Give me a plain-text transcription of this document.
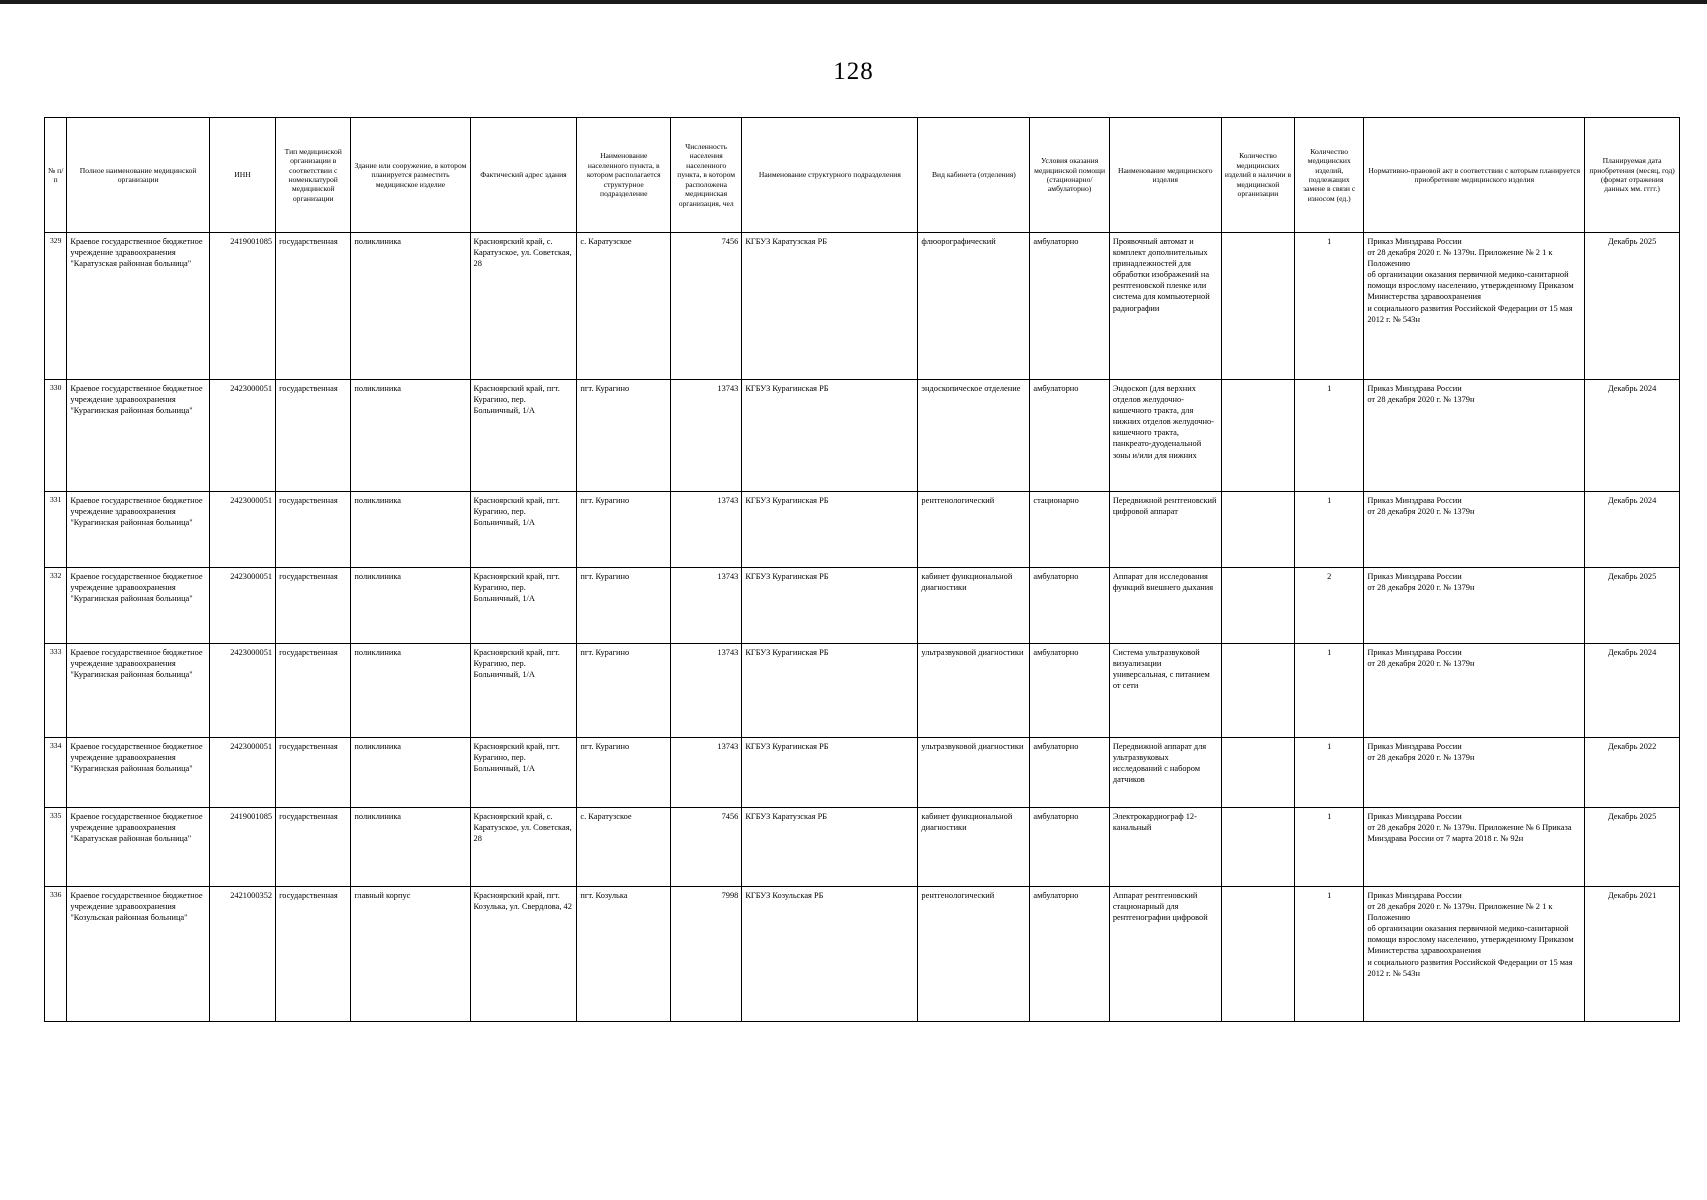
128
№ п/п	Полное наименование медицинской организации	ИНН	Тип медицинской организации в соответствии с номенклатурой медицинской организации	Здание или сооружение, в котором планируется разместить медицинское изделие	Фактический адрес здания	Наименование населенного пункта, в котором располагается структурное подразделение	Численность населения населенного пункта, в котором расположена медицинская организация, чел	Наименование структурного подразделения	Вид кабинета (отделения)	Условия оказания медицинской помощи (стационарно/ амбулаторно)	Наименование медицинского изделия	Количество медицинских изделий в наличии в медицинской организации	Количество медицинских изделий, подлежащих замене в связи с износом (ед.)	Нормативно-правовой акт в соответствии с которым планируется приобретение медицинского изделия	Планируемая дата приобретения (месяц, год) (формат отражения данных мм. гггг.)
329	Краевое государственное бюджетное учреждение здравоохранения "Каратузская районная больница"	2419001085	государственная	поликлиника	Красноярский край, с. Каратузское, ул. Советская, 28	с. Каратузское	7456	КГБУЗ Каратузская РБ	флюорографический	амбулаторно	Проявочный автомат и комплект дополнительных принадлежностей для обработки изображений на рентгеновской пленке или система для компьютерной радиографии		1	Приказ Минздрава России
от 28 декабря 2020 г. № 1379н. Приложение № 2 1 к Положению
об организации оказания первичной медико-санитарной помощи взрослому населению, утвержденному Приказом Министерства здравоохранения
и социального развития Российской Федерации от 15 мая 2012 г. № 543н	Декабрь 2025
330	Краевое государственное бюджетное учреждение здравоохранения "Курагинская районная больница"	2423000051	государственная	поликлиника	Красноярский край, пгт. Курагино, пер. Больничный, 1/А	пгт. Курагино	13743	КГБУЗ Курагинская РБ	эндоскопическое отделение	амбулаторно	Эндоскоп (для верхних отделов желудочно-кишечного тракта, для нижних отделов желудочно-кишечного тракта, панкреато-дуоденальной зоны и/или для нижних		1	Приказ Минздрава России
от 28 декабря 2020 г. № 1379н	Декабрь 2024
331	Краевое государственное бюджетное учреждение здравоохранения "Курагинская районная больница"	2423000051	государственная	поликлиника	Красноярский край, пгт. Курагино, пер. Больничный, 1/А	пгт. Курагино	13743	КГБУЗ Курагинская РБ	рентгенологический	стационарно	Передвижной рентгеновский цифровой аппарат		1	Приказ Минздрава России
от 28 декабря 2020 г. № 1379н	Декабрь 2024
332	Краевое государственное бюджетное учреждение здравоохранения "Курагинская районная больница"	2423000051	государственная	поликлиника	Красноярский край, пгт. Курагино, пер. Больничный, 1/А	пгт. Курагино	13743	КГБУЗ Курагинская РБ	кабинет функциональной диагностики	амбулаторно	Аппарат для исследования функций внешнего дыхания		2	Приказ Минздрава России
от 28 декабря 2020 г. № 1379н	Декабрь 2025
333	Краевое государственное бюджетное учреждение здравоохранения "Курагинская районная больница"	2423000051	государственная	поликлиника	Красноярский край, пгт. Курагино, пер. Больничный, 1/А	пгт. Курагино	13743	КГБУЗ Курагинская РБ	ультразвуковой диагностики	амбулаторно	Система ультразвуковой визуализации универсальная, с питанием от сети		1	Приказ Минздрава России
от 28 декабря 2020 г. № 1379н	Декабрь 2024
334	Краевое государственное бюджетное учреждение здравоохранения "Курагинская районная больница"	2423000051	государственная	поликлиника	Красноярский край, пгт. Курагино, пер. Больничный, 1/А	пгт. Курагино	13743	КГБУЗ Курагинская РБ	ультразвуковой диагностики	амбулаторно	Передвижной аппарат для ультразвуковых исследований с набором датчиков		1	Приказ Минздрава России
от 28 декабря 2020 г. № 1379н	Декабрь 2022
335	Краевое государственное бюджетное учреждение здравоохранения "Каратузская районная больница"	2419001085	государственная	поликлиника	Красноярский край, с. Каратузское, ул. Советская, 28	с. Каратузское	7456	КГБУЗ Каратузская РБ	кабинет функциональной диагностики	амбулаторно	Электрокардиограф 12-канальный		1	Приказ Минздрава России
от 28 декабря 2020 г. № 1379н. Приложение № 6 Приказа Минздрава России от 7 марта 2018 г. № 92н	Декабрь 2025
336	Краевое государственное бюджетное учреждение здравоохранения "Козульская районная больница"	2421000352	государственная	главный корпус	Красноярский край, пгт. Козулька, ул. Свердлова, 42	пгт. Козулька	7998	КГБУЗ Козульская РБ	рентгенологический	амбулаторно	Аппарат рентгеновский стационарный для рентгенографии цифровой		1	Приказ Минздрава России
от 28 декабря 2020 г. № 1379н. Приложение № 2 1 к Положению
об организации оказания первичной медико-санитарной помощи взрослому населению, утвержденному Приказом Министерства здравоохранения
и социального развития Российской Федерации от 15 мая 2012 г. № 543н	Декабрь 2021
